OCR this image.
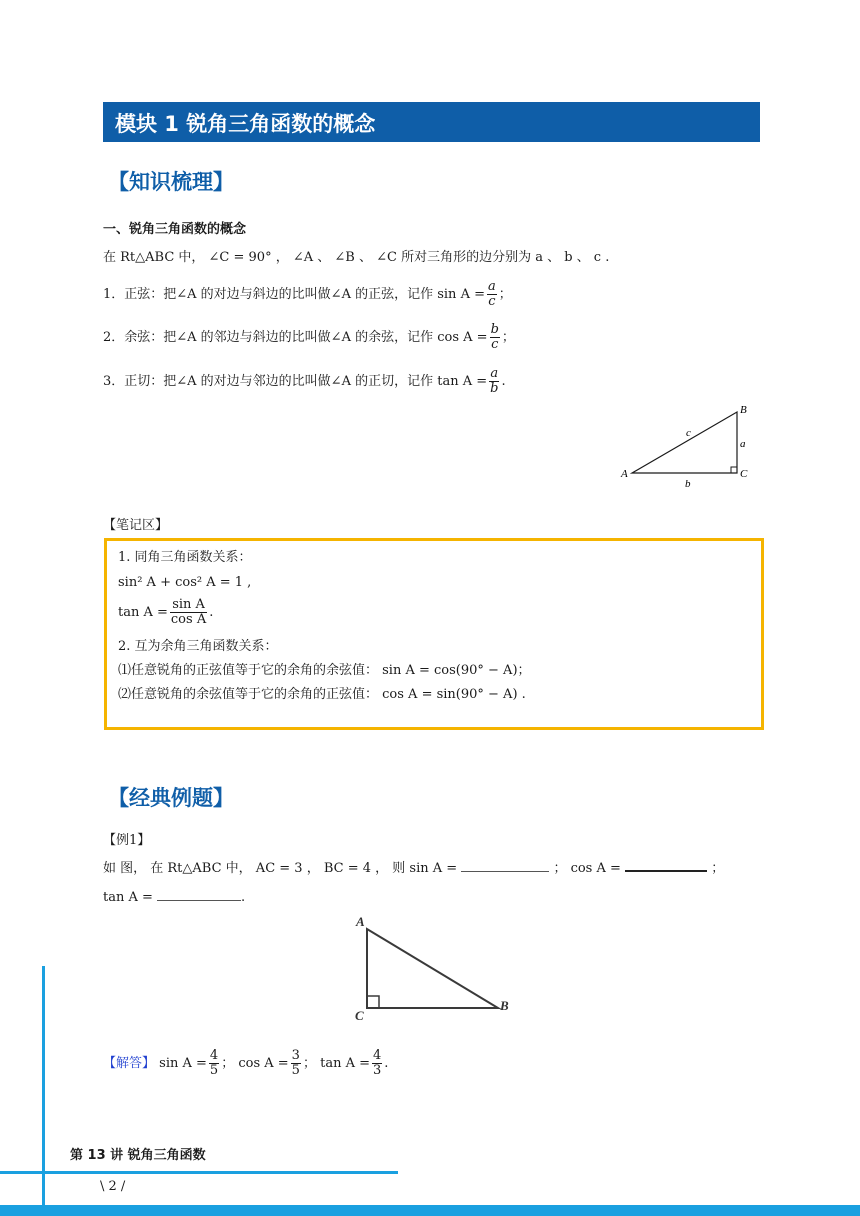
模块 1 锐角三角函数的概念
【知识梳理】
一、锐角三角函数的概念
在 Rt△ABC 中， ∠C = 90° ， ∠A 、 ∠B 、 ∠C 所对三角形的边分别为 a 、 b 、 c .
1．正弦：把∠A 的对边与斜边的比叫做∠A 的正弦，记作 $\sin A = \frac{a}{c}$ ；
2．余弦：把∠A 的邻边与斜边的比叫做∠A 的余弦，记作 $\cos A = \frac{b}{c}$ ；
3．正切：把∠A 的对边与邻边的比叫做∠A 的正切，记作 $\tan A = \frac{a}{b}$ .
A
B
C
a
b
c
【笔记区】
1. 同角三角函数关系：
sin² A + cos² A = 1 ,
$\tan A = \frac{\text{sin A}}{\text{cos A}}$ .
2. 互为余角三角函数关系：
⑴任意锐角的正弦值等于它的余角的余弦值： sin A = cos(90° − A)；
⑵任意锐角的余弦值等于它的余角的正弦值： cos A = sin(90° − A) .
【经典例题】
【例1】
如 图， 在 Rt△ABC 中， AC = 3 ， BC = 4 ， 则 sin A =	； cos A =	；
tan A =	.
A
B
C
【解答】 $\sin A = \frac{4}{5}$ ； $\cos A = \frac{3}{5}$ ； $\tan A = \frac{4}{3}$ .
第 13 讲 锐角三角函数
\ 2 /
